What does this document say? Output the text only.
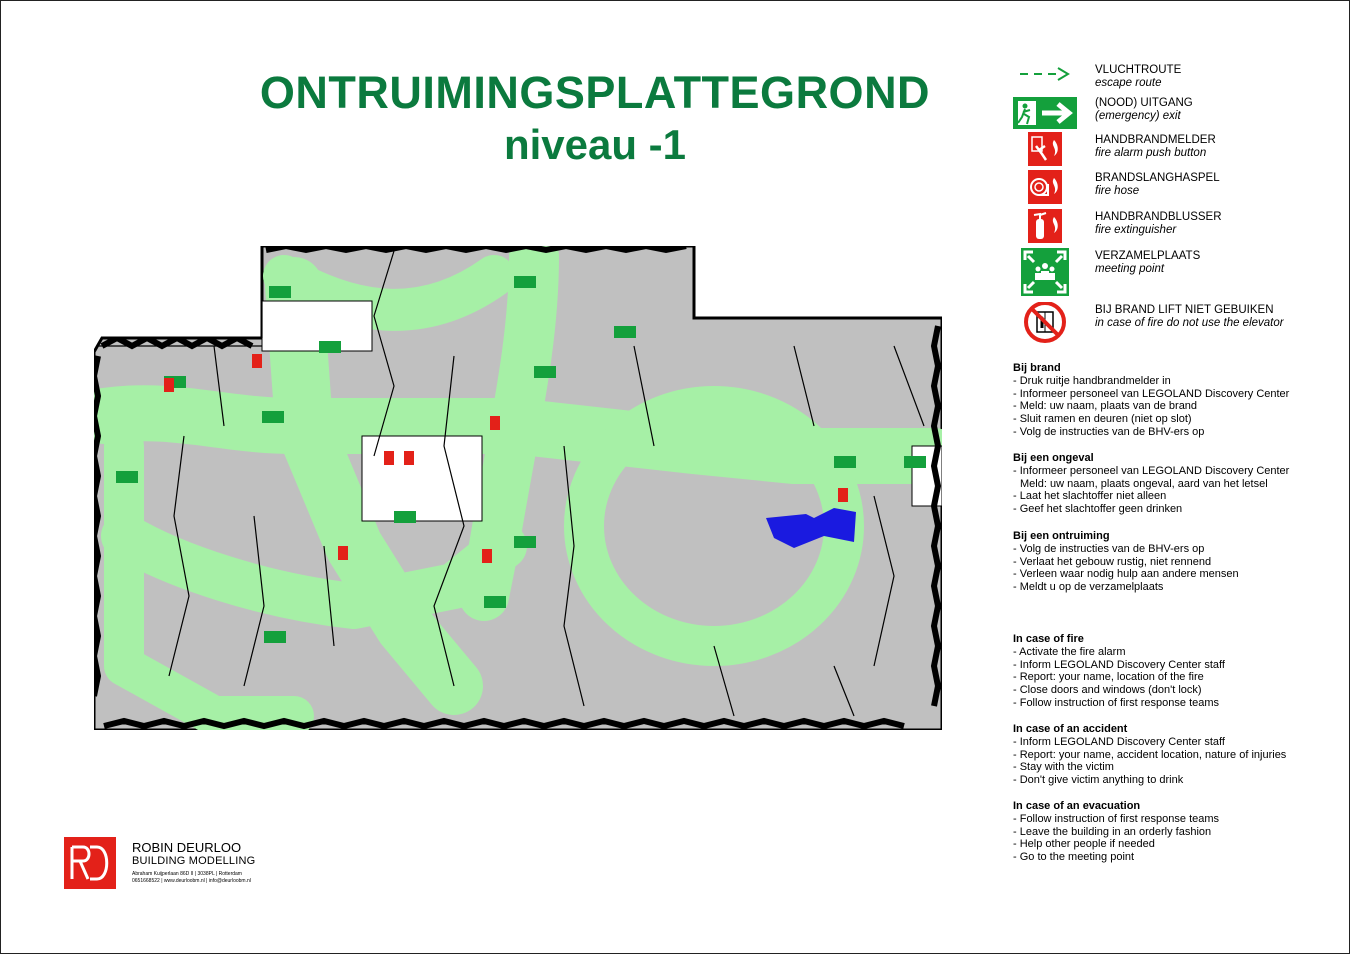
ONTRUIMINGSPLATTEGROND
niveau -1
VLUCHTROUTE
escape route
(NOOD) UITGANG
(emergency) exit
HANDBRANDMELDER
fire alarm push button
BRANDSLANGHASPEL
fire hose
HANDBRANDBLUSSER
fire extinguisher
VERZAMELPLAATS
meeting point
BIJ BRAND LIFT NIET GEBUIKEN
in case of fire do not use the elevator
Bij brand
- Druk ruitje handbrandmelder in
- Informeer personeel van LEGOLAND Discovery Center
- Meld: uw naam, plaats van de brand
- Sluit ramen en deuren (niet op slot)
- Volg de instructies van de BHV-ers op
Bij een ongeval
- Informeer personeel van LEGOLAND Discovery Center
Meld: uw naam, plaats ongeval, aard van het letsel
- Laat het slachtoffer niet alleen
- Geef het slachtoffer geen drinken
Bij een ontruiming
- Volg de instructies van de BHV-ers op
- Verlaat het gebouw rustig, niet rennend
- Verleen waar nodig hulp aan andere mensen
- Meldt u op de verzamelplaats
In case of fire
- Activate the fire alarm
- Inform LEGOLAND Discovery Center staff
- Report: your name, location of the fire
- Close doors and windows (don't lock)
- Follow instruction of first response teams
In case of an accident
- Inform LEGOLAND Discovery Center staff
- Report: your name, accident location, nature of injuries
- Stay with the victim
- Don't give victim anything to drink
In case of an evacuation
- Follow instruction of first response teams
- Leave the building in an orderly fashion
- Help other people if needed
- Go to the meeting point
ROBIN DEURLOO
BUILDING MODELLING
Abraham Kuijperlaan 86D II | 3038PL | Rotterdam
0651668522 | www.deurloobm.nl | info@deurloobm.nl
